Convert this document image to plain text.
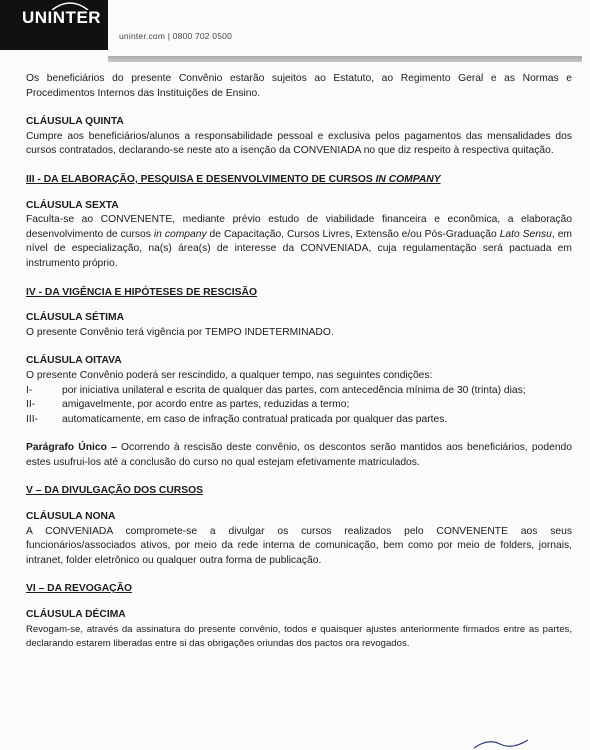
UNINTER
uninter.com | 0800 702 0500

Os beneficiários do presente Convênio estarão sujeitos ao Estatuto, ao Regimento Geral e as Normas e Procedimentos Internos das Instituições de Ensino.

CLÁUSULA QUINTA

Cumpre aos beneficiários/alunos a responsabilidade pessoal e exclusiva pelos pagamentos das mensalidades dos cursos contratados, declarando-se neste ato a isenção da CONVENIADA no que diz respeito à respectiva quitação.

III - DA ELABORAÇÃO, PESQUISA E DESENVOLVIMENTO DE CURSOS IN COMPANY

CLÁUSULA SEXTA

Faculta-se ao CONVENENTE, mediante prévio estudo de viabilidade financeira e econômica, a elaboração desenvolvimento de cursos in company de Capacitação, Cursos Livres, Extensão e/ou Pós-Graduação Lato Sensu, em nível de especialização, na(s) área(s) de interesse da CONVENIADA, cuja regulamentação será pactuada em instrumento próprio.

IV - DA VIGÊNCIA E HIPÓTESES DE RESCISÃO

CLÁUSULA SÉTIMA

O presente Convênio terá vigência por TEMPO INDETERMINADO.

CLÁUSULA OITAVA

O presente Convênio poderá ser rescindido, a qualquer tempo, nas seguintes condições:

I-	por iniciativa unilateral e escrita de qualquer das partes, com antecedência mínima de 30 (trinta) dias;
II-	amigavelmente, por acordo entre as partes, reduzidas a termo;
III-	automaticamente, em caso de infração contratual praticada por qualquer das partes.

Parágrafo Único – Ocorrendo à rescisão deste convênio, os descontos serão mantidos aos beneficiários, podendo estes usufrui-los até a conclusão do curso no qual estejam efetivamente matriculados.

V – DA DIVULGAÇÃO DOS CURSOS

CLÁUSULA NONA

A CONVENIADA compromete-se a divulgar os cursos realizados pelo CONVENENTE aos seus funcionários/associados ativos, por meio da rede interna de comunicação, bem como por meio de folders, jornais, intranet, folder eletrônico ou qualquer outra forma de publicação.

VI – DA REVOGAÇÃO

CLÁUSULA DÉCIMA

Revogam-se, através da assinatura do presente convênio, todos e quaisquer ajustes anteriormente firmados entre as partes, declarando estarem liberadas entre si das obrigações oriundas dos pactos ora revogados.
